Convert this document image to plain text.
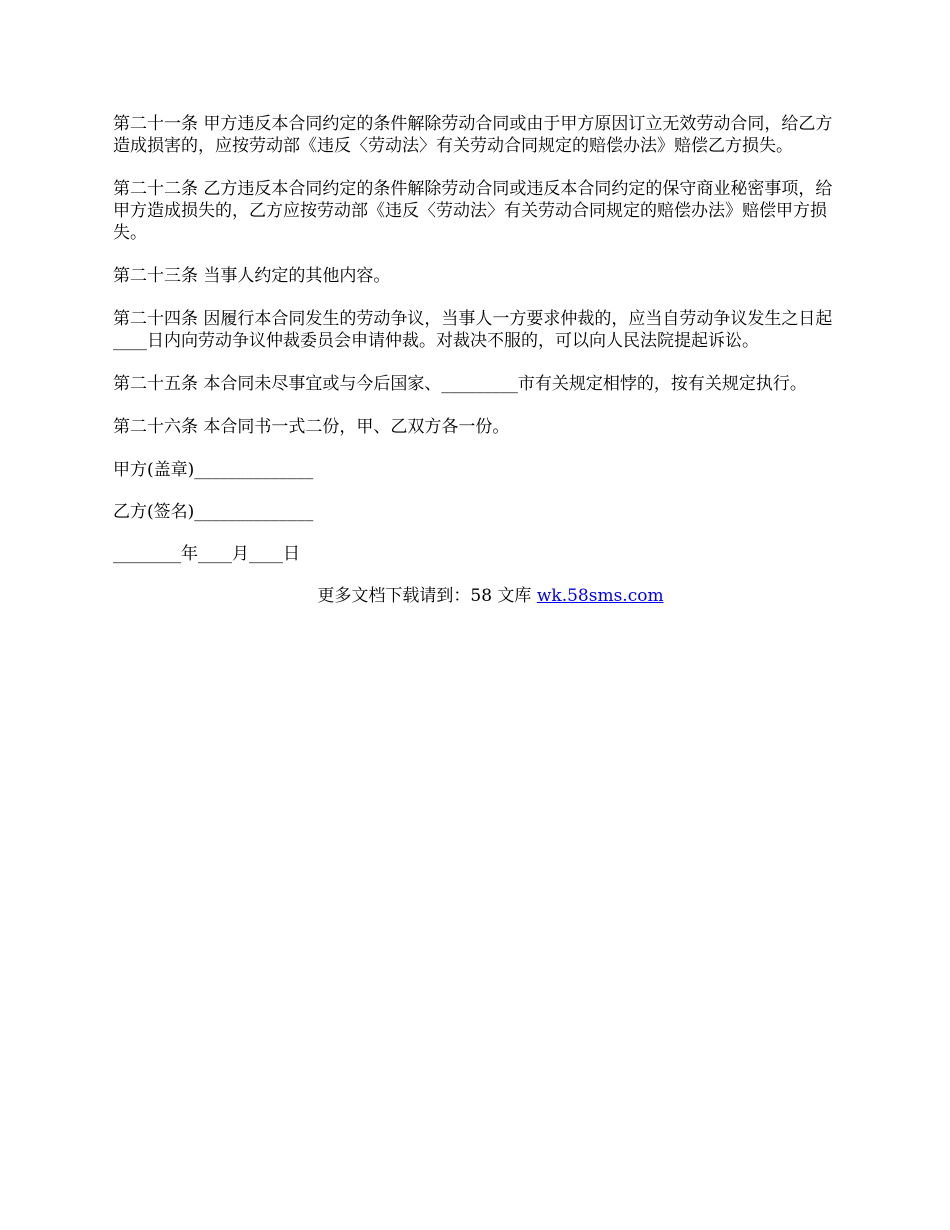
第二十一条 甲方违反本合同约定的条件解除劳动合同或由于甲方原因订立无效劳动合同，给乙方造成损害的，应按劳动部《违反〈劳动法〉有关劳动合同规定的赔偿办法》赔偿乙方损失。

第二十二条 乙方违反本合同约定的条件解除劳动合同或违反本合同约定的保守商业秘密事项，给甲方造成损失的，乙方应按劳动部《违反〈劳动法〉有关劳动合同规定的赔偿办法》赔偿甲方损失。

第二十三条 当事人约定的其他内容。

第二十四条 因履行本合同发生的劳动争议，当事人一方要求仲裁的，应当自劳动争议发生之日起____日内向劳动争议仲裁委员会申请仲裁。对裁决不服的，可以向人民法院提起诉讼。

第二十五条 本合同未尽事宜或与今后国家、_________市有关规定相悖的，按有关规定执行。

第二十六条 本合同书一式二份，甲、乙双方各一份。

甲方(盖章)______________

乙方(签名)______________

________年____月____日

更多文档下载请到：58 文库 wk.58sms.com
